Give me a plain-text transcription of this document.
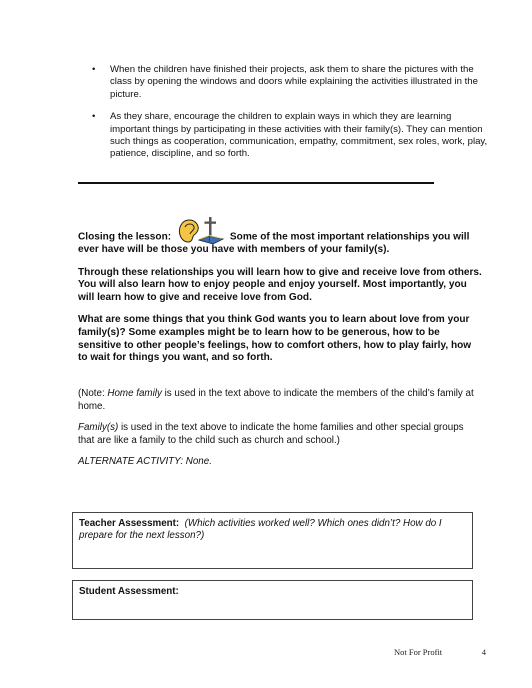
• When the children have finished their projects, ask them to share the pictures with the class by opening the windows and doors while explaining the activities illustrated in the picture.
• As they share, encourage the children to explain ways in which they are learning important things by participating in these activities with their family(s). They can mention such things as cooperation, communication, empathy, commitment, sex roles, work, play, patience, discipline, and so forth.

Closing the lesson:	Some of the most important relationships you will ever have will be those you have with members of your family(s).

Through these relationships you will learn how to give and receive love from others. You will also learn how to enjoy people and enjoy yourself. Most importantly, you will learn how to give and receive love from God.

What are some things that you think God wants you to learn about love from your family(s)? Some examples might be to learn how to be generous, how to be sensitive to other people’s feelings, how to comfort others, how to play fairly, how to wait for things you want, and so forth.

(Note: Home family is used in the text above to indicate the members of the child’s family at home.

Family(s) is used in the text above to indicate the home families and other special groups that are like a family to the child such as church and school.)

ALTERNATE ACTIVITY: None.

Teacher Assessment: (Which activities worked well? Which ones didn’t? How do I prepare for the next lesson?)
Student Assessment:
Not For Profit	4
